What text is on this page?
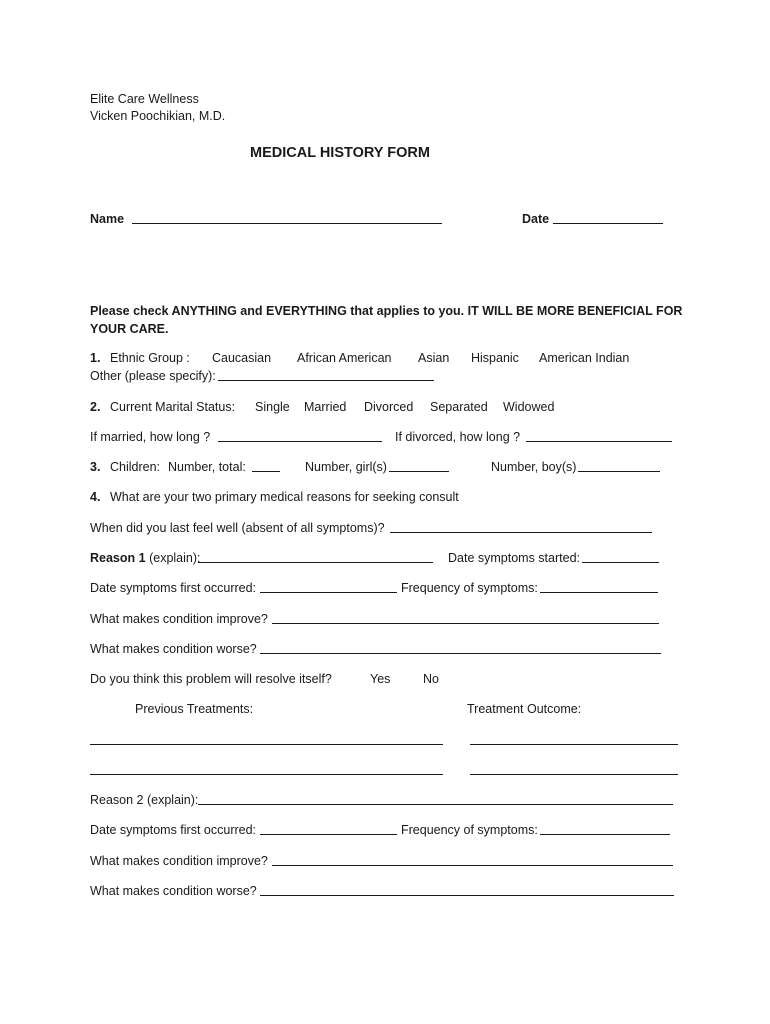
Elite Care Wellness
Vicken Poochikian, M.D.
MEDICAL HISTORY FORM
Name	Date
Please check ANYTHING and EVERYTHING that applies to you. IT WILL BE MORE BENEFICIAL FOR YOUR CARE.
1. Ethnic Group : Caucasian African American Asian Hispanic American Indian
Other (please specify):
2. Current Marital Status: Single Married Divorced Separated Widowed
If married, how long ?	If divorced, how long ?
3. Children: Number, total:	Number, girl(s)	Number, boy(s)
4. What are your two primary medical reasons for seeking consult
When did you last feel well (absent of all symptoms)?
Reason 1 (explain):	Date symptoms started:
Date symptoms first occurred:	Frequency of symptoms:
What makes condition improve?
What makes condition worse?
Do you think this problem will resolve itself?	Yes	No
Previous Treatments:	Treatment Outcome:
Reason 2 (explain):
Date symptoms first occurred:	Frequency of symptoms:
What makes condition improve?
What makes condition worse?
